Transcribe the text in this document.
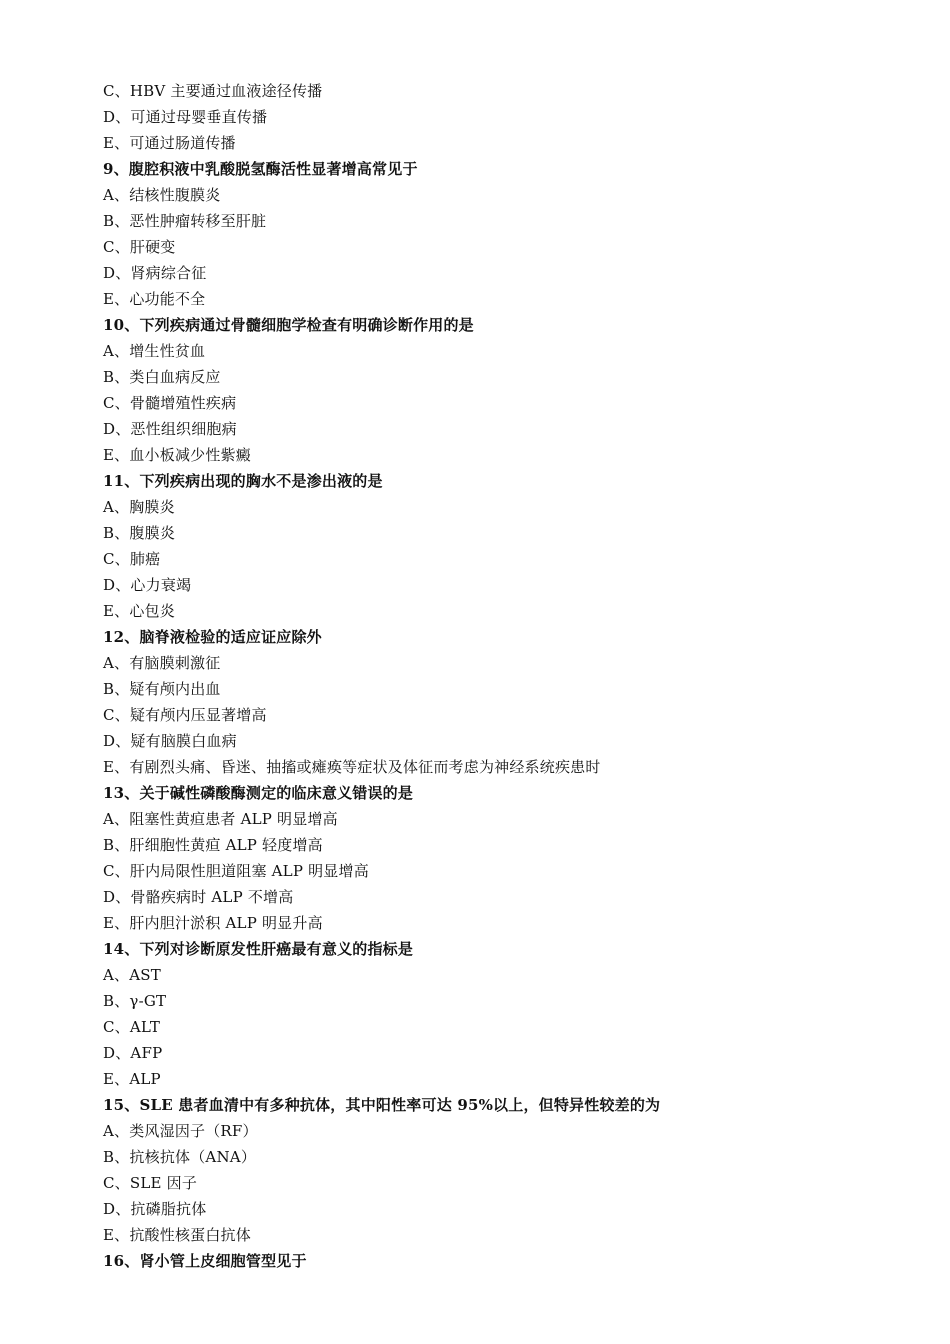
C、HBV 主要通过血液途径传播
D、可通过母婴垂直传播
E、可通过肠道传播
9、腹腔积液中乳酸脱氢酶活性显著增高常见于
A、结核性腹膜炎
B、恶性肿瘤转移至肝脏
C、肝硬变
D、肾病综合征
E、心功能不全
10、下列疾病通过骨髓细胞学检查有明确诊断作用的是
A、增生性贫血
B、类白血病反应
C、骨髓增殖性疾病
D、恶性组织细胞病
E、血小板减少性紫癜
11、下列疾病出现的胸水不是渗出液的是
A、胸膜炎
B、腹膜炎
C、肺癌
D、心力衰竭
E、心包炎
12、脑脊液检验的适应证应除外
A、有脑膜刺激征
B、疑有颅内出血
C、疑有颅内压显著增高
D、疑有脑膜白血病
E、有剧烈头痛、昏迷、抽搐或瘫痪等症状及体征而考虑为神经系统疾患时
13、关于碱性磷酸酶测定的临床意义错误的是
A、阻塞性黄疸患者 ALP 明显增高
B、肝细胞性黄疸 ALP 轻度增高
C、肝内局限性胆道阻塞 ALP 明显增高
D、骨骼疾病时 ALP 不增高
E、肝内胆汁淤积 ALP 明显升高
14、下列对诊断原发性肝癌最有意义的指标是
A、AST
B、γ-GT
C、ALT
D、AFP
E、ALP
15、SLE 患者血清中有多种抗体，其中阳性率可达 95%以上，但特异性较差的为
A、类风湿因子（RF）
B、抗核抗体（ANA）
C、SLE 因子
D、抗磷脂抗体
E、抗酸性核蛋白抗体
16、肾小管上皮细胞管型见于
